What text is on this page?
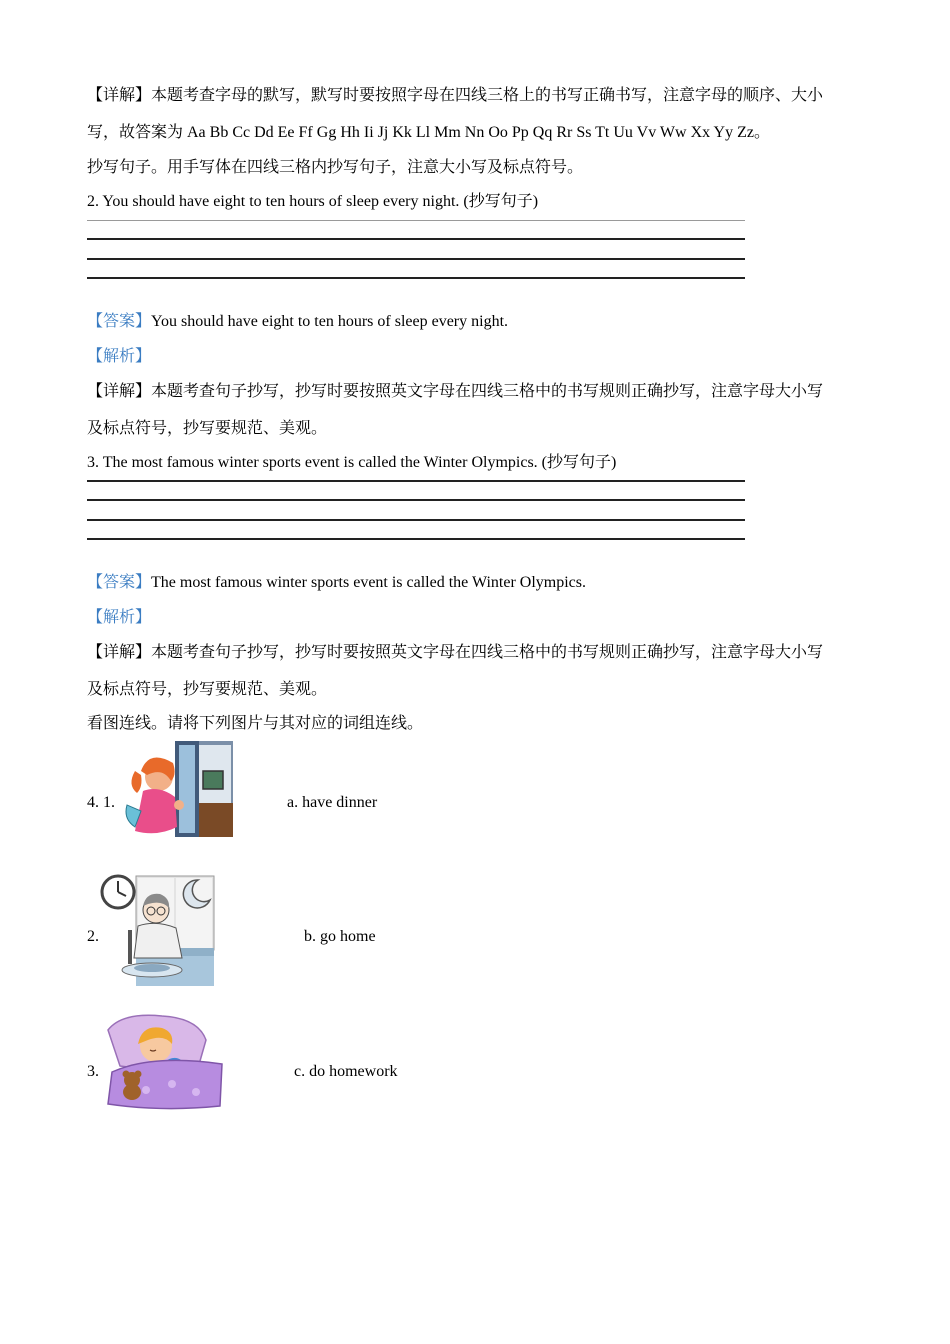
【详解】本题考查字母的默写，默写时要按照字母在四线三格上的书写正确书写，注意字母的顺序、大小
写，故答案为 Aa Bb Cc Dd Ee Ff Gg Hh Ii Jj Kk Ll Mm Nn Oo Pp Qq Rr Ss Tt Uu Vv Ww Xx Yy Zz。
抄写句子。用手写体在四线三格内抄写句子，注意大小写及标点符号。
2. You should have eight to ten hours of sleep every night. (抄写句子)
【答案】You should have eight to ten hours of sleep every night.
【解析】
【详解】本题考查句子抄写，抄写时要按照英文字母在四线三格中的书写规则正确抄写，注意字母大小写
及标点符号，抄写要规范、美观。
3. The most famous winter sports event is called the Winter Olympics. (抄写句子)
【答案】The most famous winter sports event is called the Winter Olympics.
【解析】
【详解】本题考查句子抄写，抄写时要按照英文字母在四线三格中的书写规则正确抄写，注意字母大小写
及标点符号，抄写要规范、美观。
看图连线。请将下列图片与其对应的词组连线。
4. 1.	a. have dinner
2.	b. go home
3.	c. do homework
